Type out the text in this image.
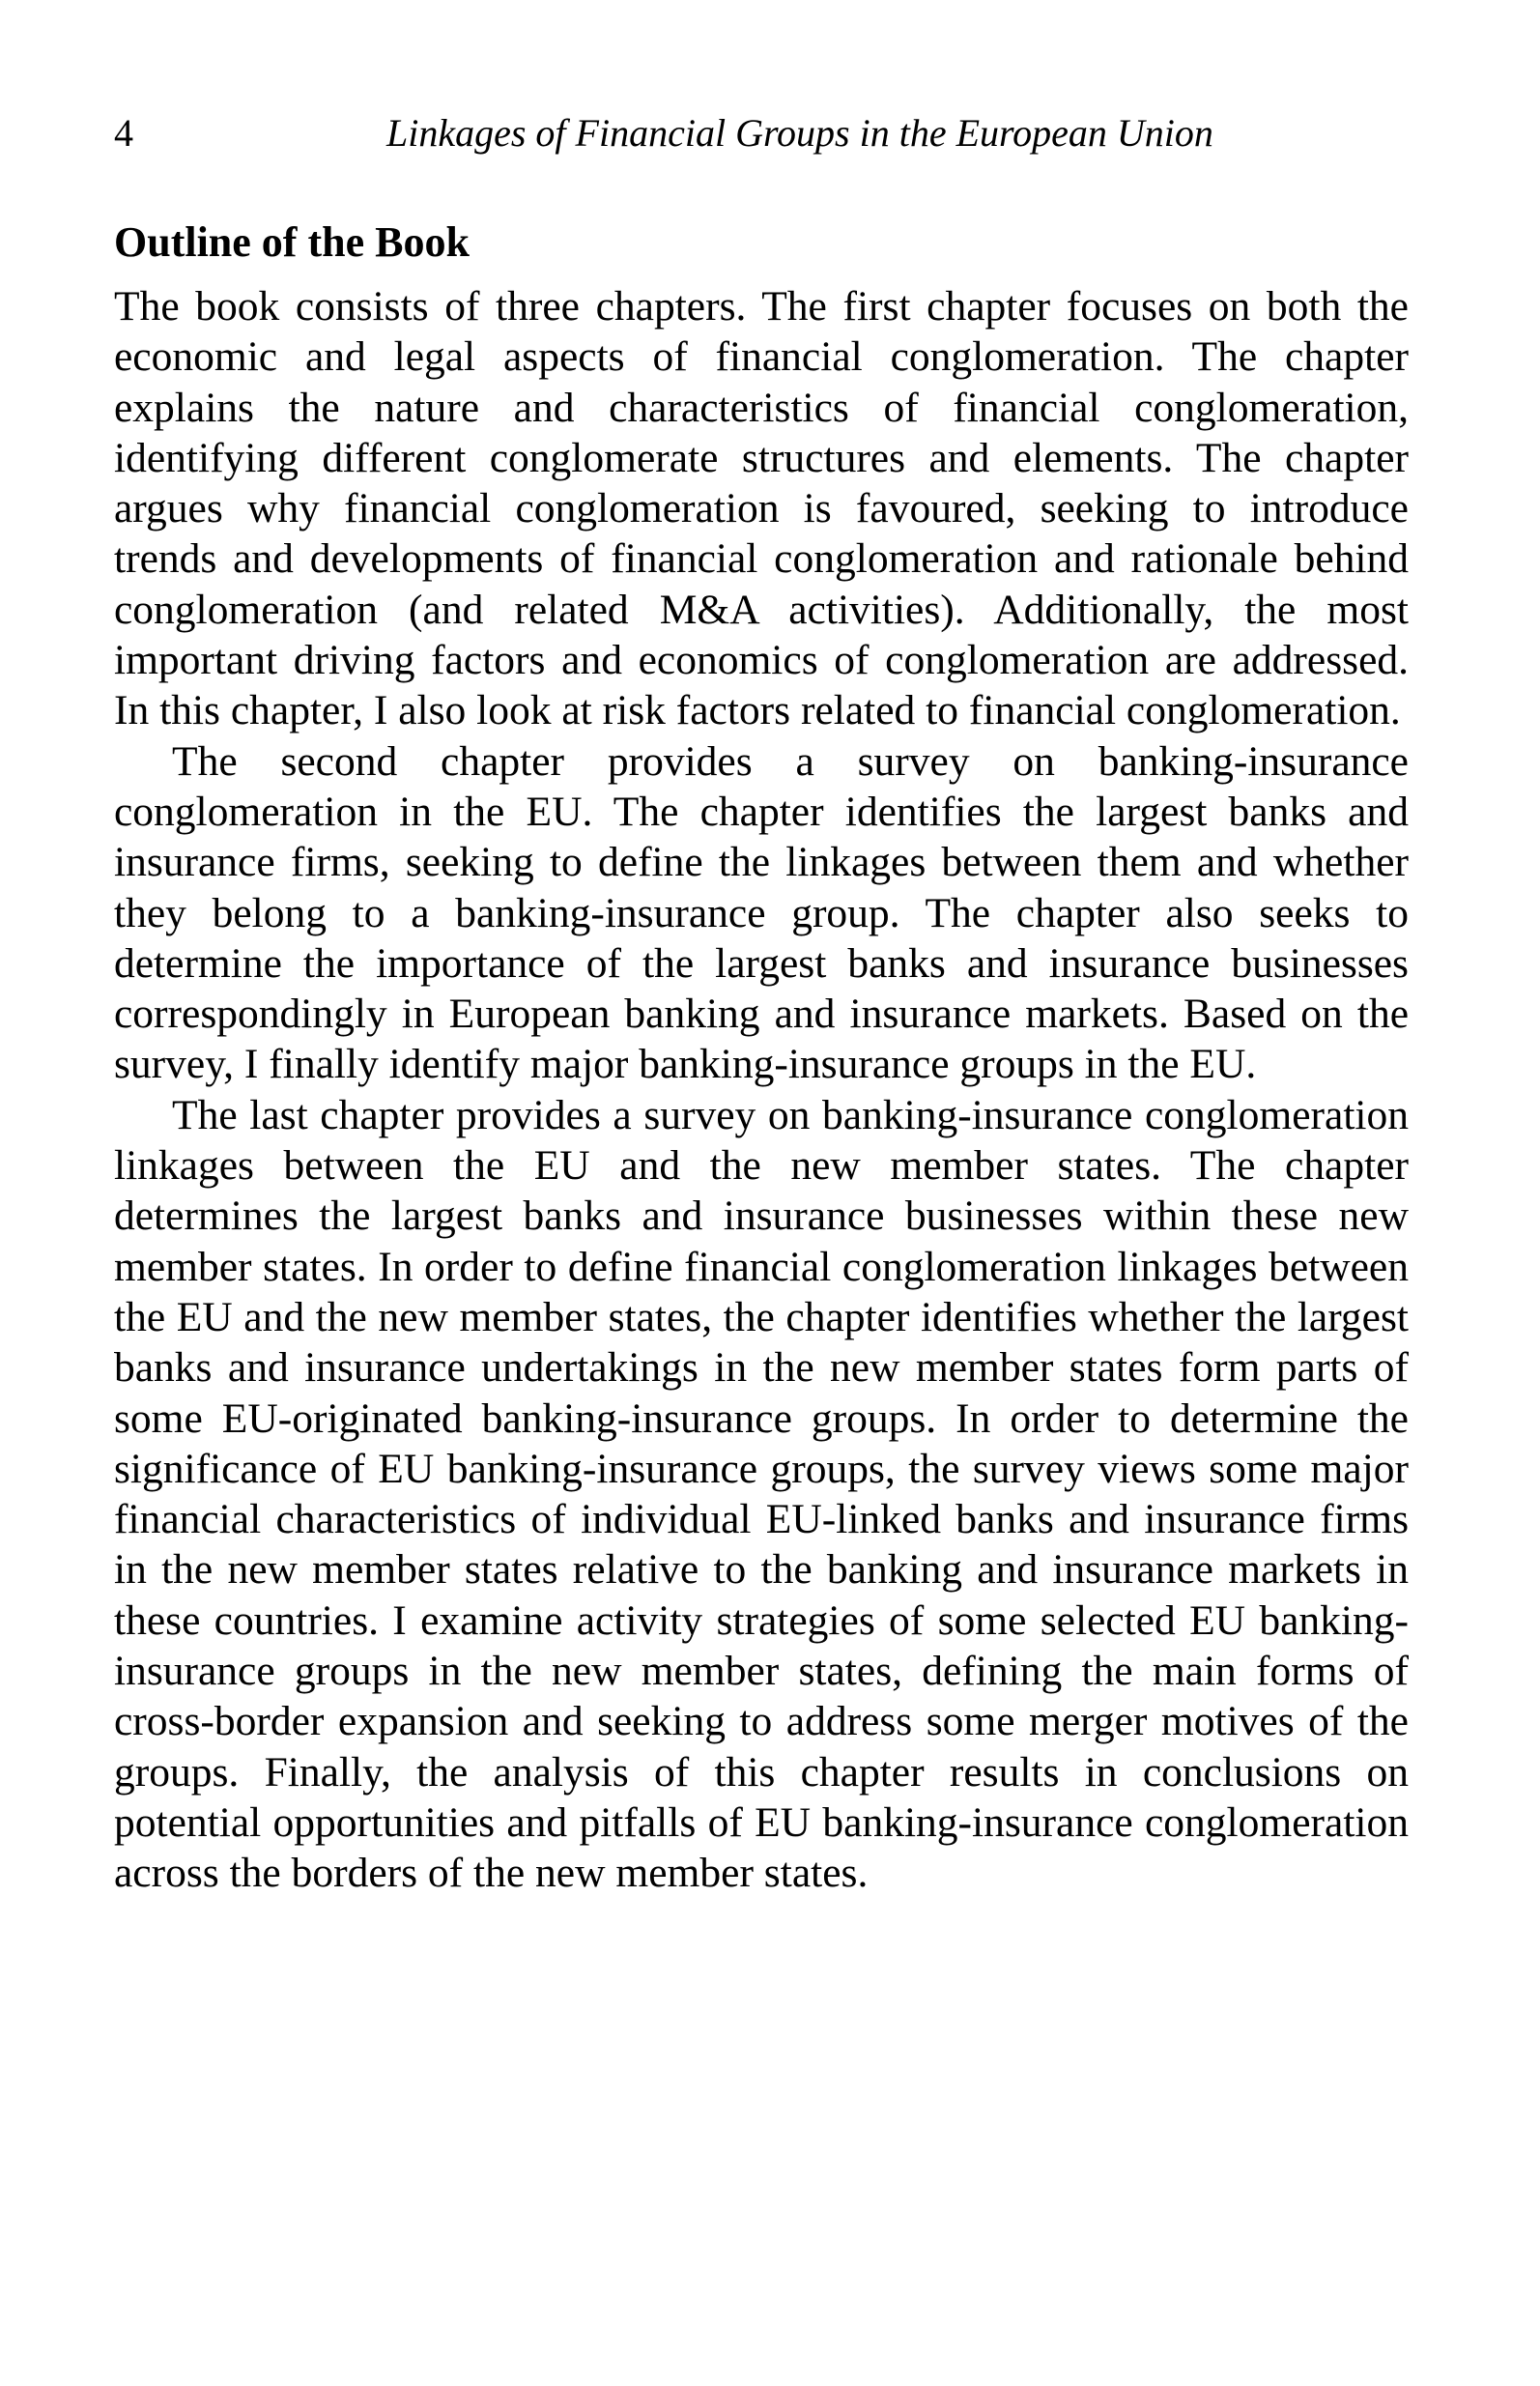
4	Linkages of Financial Groups in the European Union
Outline of the Book

The book consists of three chapters. The first chapter focuses on both the economic and legal aspects of financial conglomeration. The chapter explains the nature and characteristics of financial conglomeration, identifying different conglomerate structures and elements. The chapter argues why financial conglomeration is favoured, seeking to introduce trends and developments of financial conglomeration and rationale behind conglomeration (and related M&A activities). Additionally, the most important driving factors and economics of conglomeration are addressed. In this chapter, I also look at risk factors related to financial conglomeration.

The second chapter provides a survey on banking-insurance conglomeration in the EU. The chapter identifies the largest banks and insurance firms, seeking to define the linkages between them and whether they belong to a banking-insurance group. The chapter also seeks to determine the importance of the largest banks and insurance businesses correspondingly in European banking and insurance markets. Based on the survey, I finally identify major banking-insurance groups in the EU.

The last chapter provides a survey on banking-insurance conglomeration linkages between the EU and the new member states. The chapter determines the largest banks and insurance businesses within these new member states. In order to define financial conglomeration linkages between the EU and the new member states, the chapter identifies whether the largest banks and insurance undertakings in the new member states form parts of some EU-originated banking-insurance groups. In order to determine the significance of EU banking-insurance groups, the survey views some major financial characteristics of individual EU-linked banks and insurance firms in the new member states relative to the banking and insurance markets in these countries. I examine activity strategies of some selected EU banking-insurance groups in the new member states, defining the main forms of cross-border expansion and seeking to address some merger motives of the groups. Finally, the analysis of this chapter results in conclusions on potential opportunities and pitfalls of EU banking-insurance conglomeration across the borders of the new member states.
